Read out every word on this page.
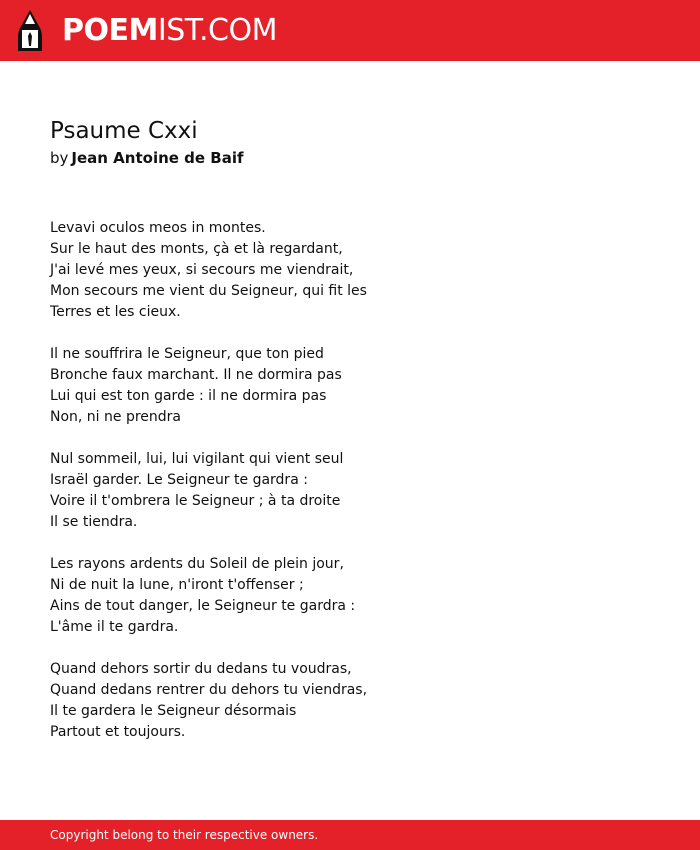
POEMIST.COM
Psaume Cxxi
by Jean Antoine de Baif
Levavi oculos meos in montes.
Sur le haut des monts, çà et là regardant,
J'ai levé mes yeux, si secours me viendrait,
Mon secours me vient du Seigneur, qui fit les
Terres et les cieux.
Il ne souffrira le Seigneur, que ton pied
Bronche faux marchant. Il ne dormira pas
Lui qui est ton garde : il ne dormira pas
Non, ni ne prendra
Nul sommeil, lui, lui vigilant qui vient seul
Israël garder. Le Seigneur te gardra :
Voire il t'ombrera le Seigneur ; à ta droite
Il se tiendra.
Les rayons ardents du Soleil de plein jour,
Ni de nuit la lune, n'iront t'offenser ;
Ains de tout danger, le Seigneur te gardra :
L'âme il te gardra.
Quand dehors sortir du dedans tu voudras,
Quand dedans rentrer du dehors tu viendras,
Il te gardera le Seigneur désormais
Partout et toujours.
Copyright belong to their respective owners.
